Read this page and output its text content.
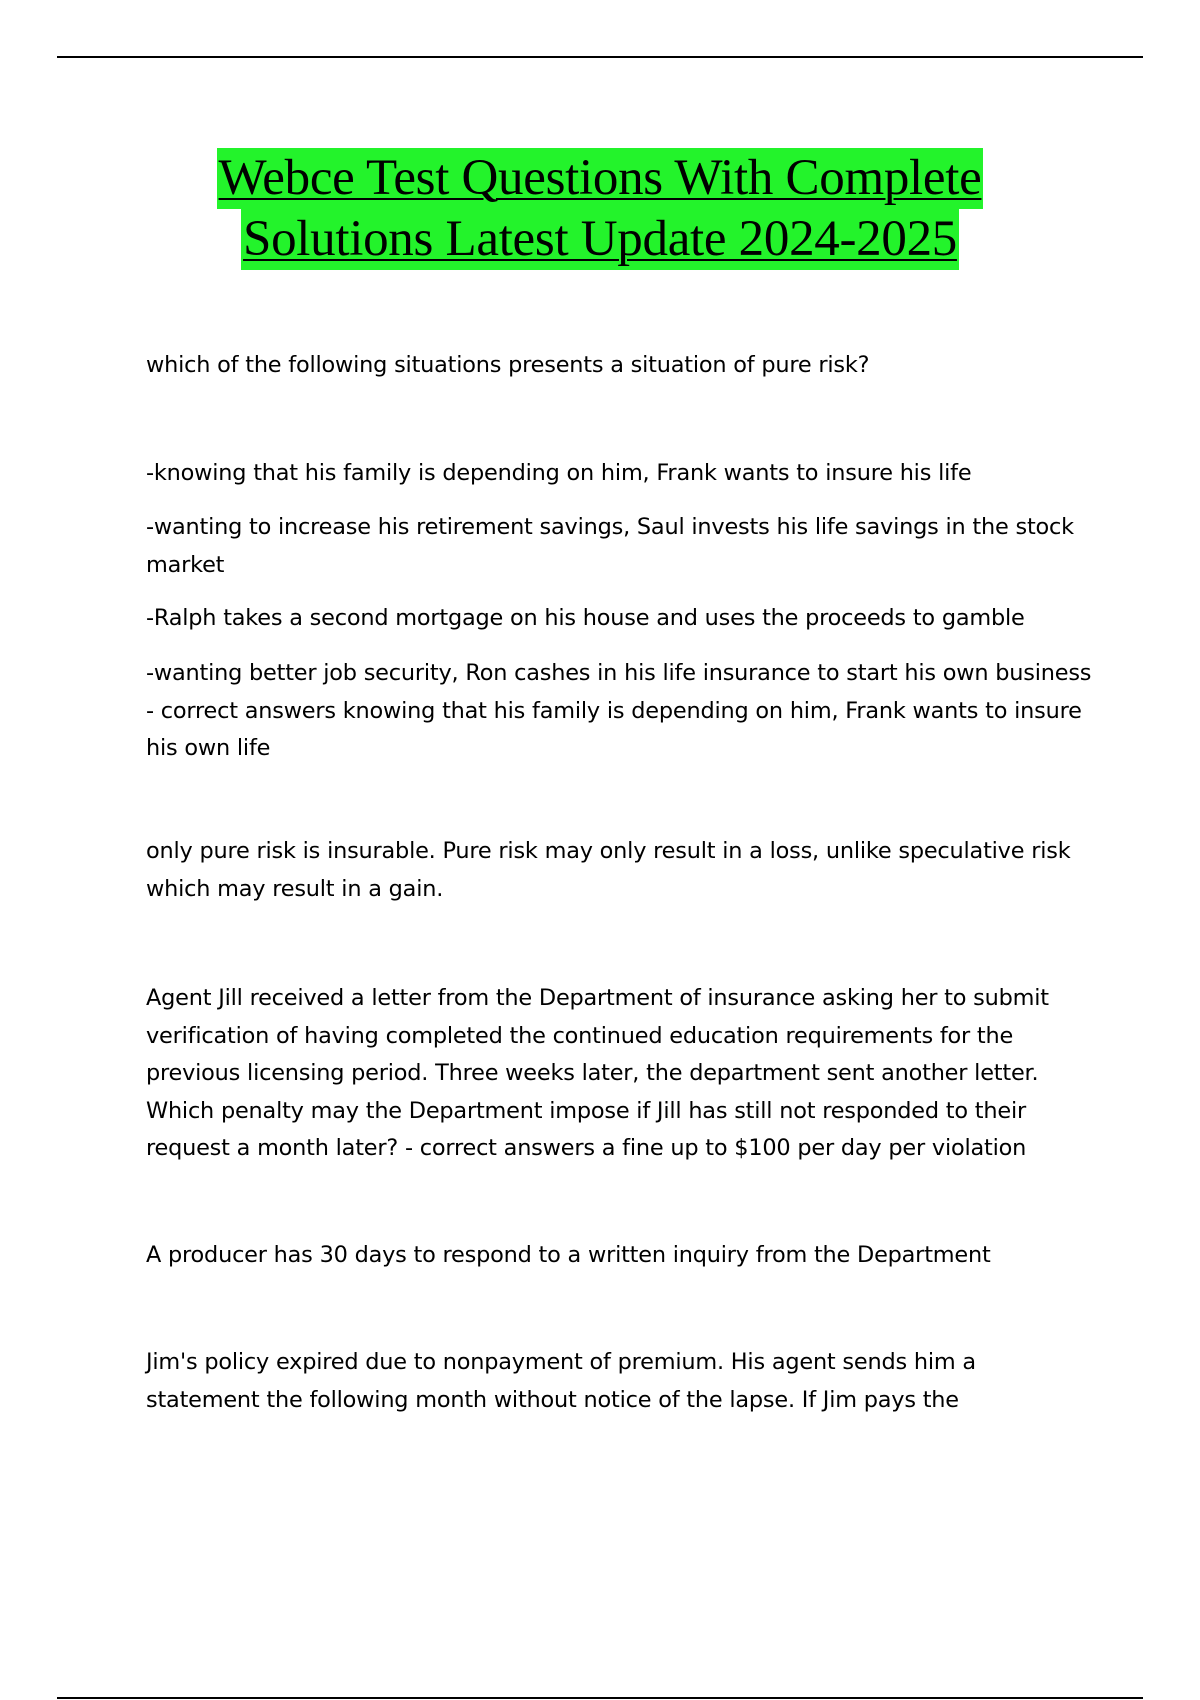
Webce Test Questions With Complete
Solutions Latest Update 2024-2025

which of the following situations presents a situation of pure risk?

-knowing that his family is depending on him, Frank wants to insure his life

-wanting to increase his retirement savings, Saul invests his life savings in the stock market

-Ralph takes a second mortgage on his house and uses the proceeds to gamble

-wanting better job security, Ron cashes in his life insurance to start his own business - correct answers knowing that his family is depending on him, Frank wants to insure his own life

only pure risk is insurable. Pure risk may only result in a loss, unlike speculative risk which may result in a gain.

Agent Jill received a letter from the Department of insurance asking her to submit verification of having completed the continued education requirements for the previous licensing period. Three weeks later, the department sent another letter. Which penalty may the Department impose if Jill has still not responded to their request a month later? - correct answers a fine up to $100 per day per violation

A producer has 30 days to respond to a written inquiry from the Department

Jim's policy expired due to nonpayment of premium. His agent sends him a statement the following month without notice of the lapse. If Jim pays the
